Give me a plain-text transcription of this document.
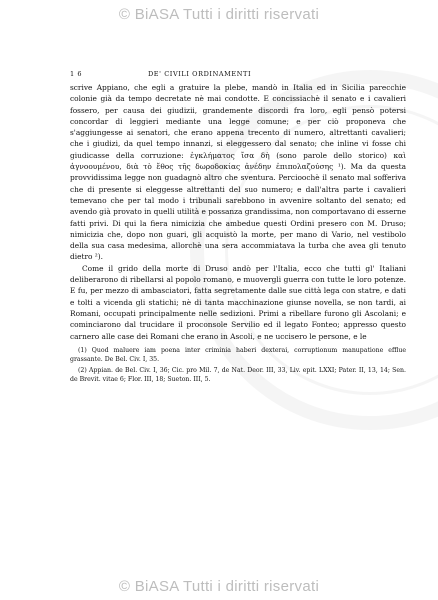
© BiASA Tutti i diritti riservati
1 6	DE' CIVILI ORDINAMENTI

scrive Appiano, che egli a gratuire la plebe, mandò in Italia ed in Sicilia parecchie colonie già da tempo decretate nè mai condotte. E concissiachè il senato e i cavalieri fossero, per causa dei giudizii, grandemente discordi fra loro, egli pensò potersi concordar di leggieri mediante una legge comune; e per ciò proponeva che s'aggiungesse ai senatori, che erano appena trecento di numero, altrettanti cavalieri; che i giudizi, da quel tempo innanzi, si eleggessero dal senato; che inline vi fosse chi giudicasse della corruzione: ἐγκλήματος ἴσα δὴ (sono parole dello storico) καὶ ἀγνοουμένου, διὰ τὸ ἔθος τῆς δωροδοκίας ἀνέδην ἐπιπολαζούσης ¹). Ma da questa provvidissima legge non guadagnò altro che sventura. Percioochè il senato mal sofferiva che di presente si eleggesse altrettanti del suo numero; e dall'altra parte i cavalieri temevano che per tal modo i tribunali sarebbono in avvenire soltanto del senato; ed avendo già provato in quelli utilità e possanza grandissima, non comportavano di esserne fatti privi. Di qui la fiera nimicizia che ambedue questi Ordini presero con M. Druso; nimicizia che, dopo non guari, gli acquistò la morte, per mano di Vario, nel vestibolo della sua casa medesima, allorchè una sera accommiatava la turba che avea gli tenuto dietro ²).

Come il grido della morte di Druso andò per l'Italia, ecco che tutti gl' Italiani deliberarono di ribellarsi al popolo romano, e muovergli guerra con tutte le loro potenze. E fu, per mezzo di ambasciatori, fatta segretamente dalle sue città lega con statre, e dati e tolti a vicenda gli statichi; nè di tanta macchinazione giunse novella, se non tardi, ai Romani, occupati principalmente nelle sedizioni. Primi a ribellare furono gli Ascolani; e cominciarono dal trucidare il proconsole Servilio ed il legato Fonteo; appresso questo carnero alle case dei Romani che erano in Ascoli, e ne uccisero le persone, e le

(1) Quod maluere iam poena inter criminia haberi dexterai, corruptionum manupatione efflue grassante. De Bel. Civ. I, 35.

(2) Appian. de Bel. Civ. I, 36; Cic. pro Mil. 7, de Nat. Deor. III, 33, Liv. epit. LXXI; Pater. II, 13, 14; Sen. de Brevit. vitae 6; Flor. III, 18; Sueton. III, 5.

© BiASA Tutti i diritti riservati
